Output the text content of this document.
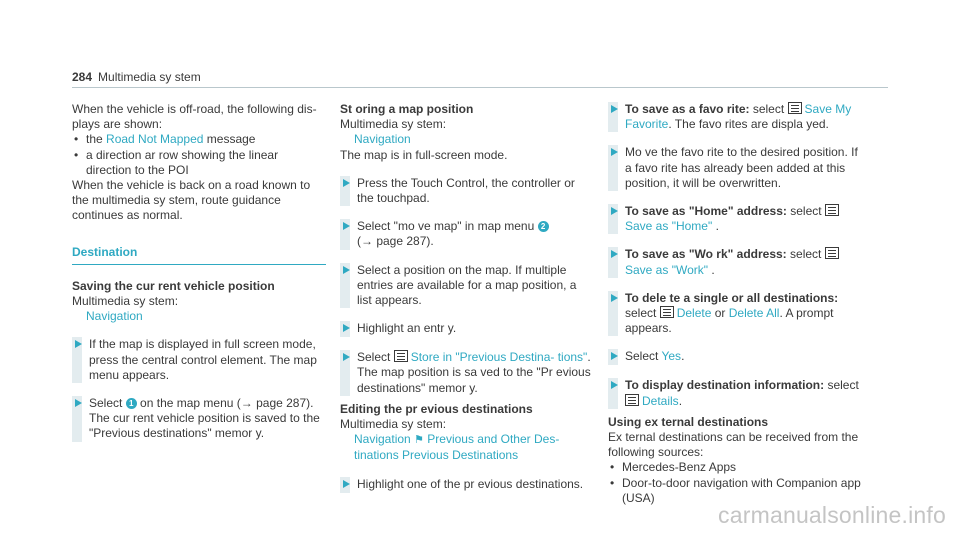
284 Multimedia sy stem
When the vehicle is off-road, the following dis- plays are shown:
• the Road Not Mapped message
• a direction ar row showing the linear direction to the POI
When the vehicle is back on a road known to the multimedia sy stem, route guidance continues as normal.
Destination
Saving the cur rent vehicle position
Multimedia sy stem:
Navigation
If the map is displayed in full screen mode, press the central control element. The map menu appears.
Select 1 on the map menu (→ page 287). The cur rent vehicle position is saved to the "Previous destinations" memor y.
St oring a map position
Multimedia sy stem:
Navigation
The map is in full-screen mode.
Press the Touch Control, the controller or the touchpad.
Select "mo ve map" in map menu 2
(→ page 287).
Select a position on the map. If multiple entries are available for a map position, a list appears.
Highlight an entr y.
Select Store in "Previous Destina- tions". The map position is sa ved to the "Pr evious destinations" memor y.
Editing the pr evious destinations
Multimedia sy stem:
Navigation ⚑ Previous and Other Des- tinations Previous Destinations
Highlight one of the pr evious destinations.
To save as a favo rite: select Save My Favorite. The favo rites are displa yed.
Mo ve the favo rite to the desired position. If a favo rite has already been added at this position, it will be overwritten.
To save as "Home" address: select
Save as "Home" .
To save as "Wo rk" address: select
Save as "Work" .
To dele te a single or all destinations:
select Delete or Delete All. A prompt appears.
Select Yes.
To display destination information: select
Details.
Using ex ternal destinations
Ex ternal destinations can be received from the following sources:
• Mercedes-Benz Apps
• Door-to-door navigation with Companion app (USA)
carmanualsonline.info
